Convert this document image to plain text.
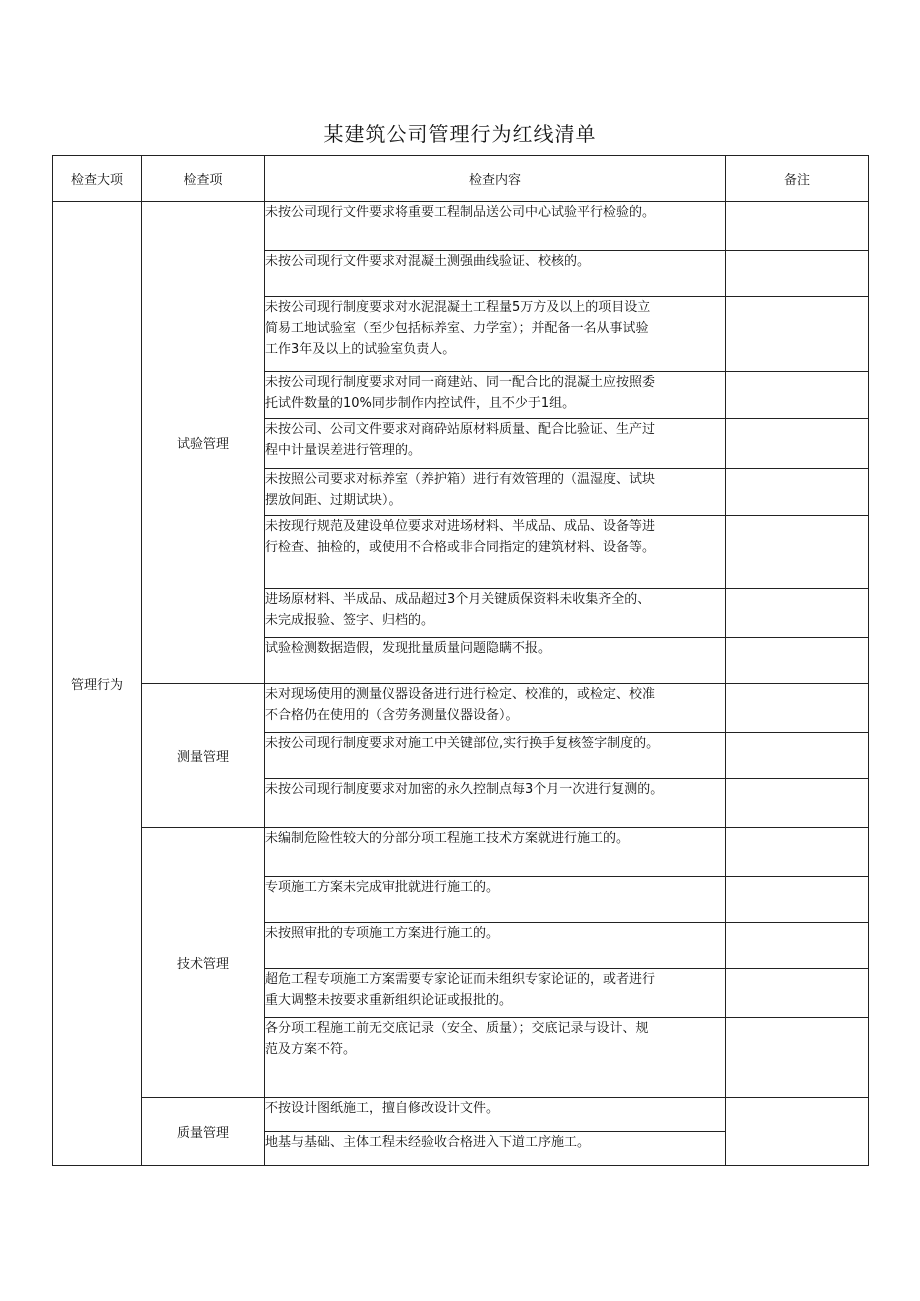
某建筑公司管理行为红线清单
检查大项	检查项	检查内容	备注
管理行为	试验管理	未按公司现行文件要求将重要工程制品送公司中心试验平行检验的。	

		未按公司现行文件要求对混凝土测强曲线验证、校核的。	

		未按公司现行制度要求对水泥混凝土工程量5万方及以上的项目设立
简易工地试验室（至少包括标养室、力学室）；并配备一名从事试验
工作3年及以上的试验室负责人。	

		未按公司现行制度要求对同一商建站、同一配合比的混凝土应按照委
托试件数量的10%同步制作内控试件，且不少于1组。	

		未按公司、公司文件要求对商砕站原材料质量、配合比验证、生产过
程中计量误差进行管理的。	

		未按照公司要求对标养室（养护箱）进行有效管理的（温湿度、试块
摆放间距、过期试块）。	

		未按现行规范及建设单位要求对进场材料、半成品、成品、设备等进
行检查、抽检的，或使用不合格或非合同指定的建筑材料、设备等。	

		进场原材料、半成品、成品超过3个月关键质保资料未收集齐全的、
未完成报验、签字、归档的。	

		试验检测数据造假，发现批量质量问题隐瞒不报。	

	测量管理	未对现场使用的测量仪器设备进行进行检定、校准的，或检定、校准
不合格仍在使用的（含劳务测量仪器设备）。	

		未按公司现行制度要求对施工中关键部位,实行换手复核签字制度的。	

		未按公司现行制度要求对加密的永久控制点每3个月一次进行复测的。	

	技术管理	未编制危险性较大的分部分项工程施工技术方案就进行施工的。	

		专项施工方案未完成审批就进行施工的。	

		未按照审批的专项施工方案进行施工的。	

		超危工程专项施工方案需要专家论证而未组织专家论证的，或者进行
重大调整未按要求重新组织论证或报批的。	

		各分项工程施工前无交底记录（安全、质量）；交底记录与设计、规
范及方案不符。	

	质量管理	不按设计图纸施工，擅自修改设计文件。	

		地基与基础、主体工程未经验收合格进入下道工序施工。	
